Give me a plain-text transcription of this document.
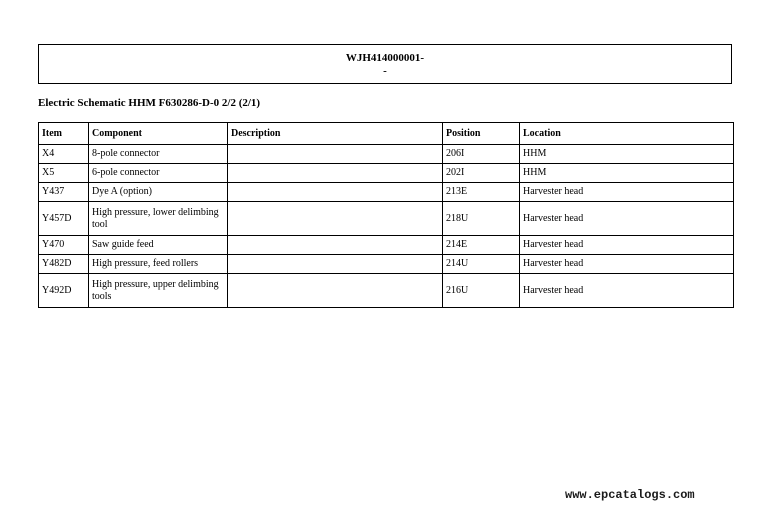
WJH414000001-
-
Electric Schematic HHM F630286-D-0 2/2 (2/1)
Item	Component	Description	Position	Location
X4	8-pole connector		206I	HHM
X5	6-pole connector		202I	HHM
Y437	Dye A (option)		213E	Harvester head
Y457D	High pressure, lower delimbing tool		218U	Harvester head
Y470	Saw guide feed		214E	Harvester head
Y482D	High pressure, feed rollers		214U	Harvester head
Y492D	High pressure, upper delimbing tools		216U	Harvester head
www.epcatalogs.com
